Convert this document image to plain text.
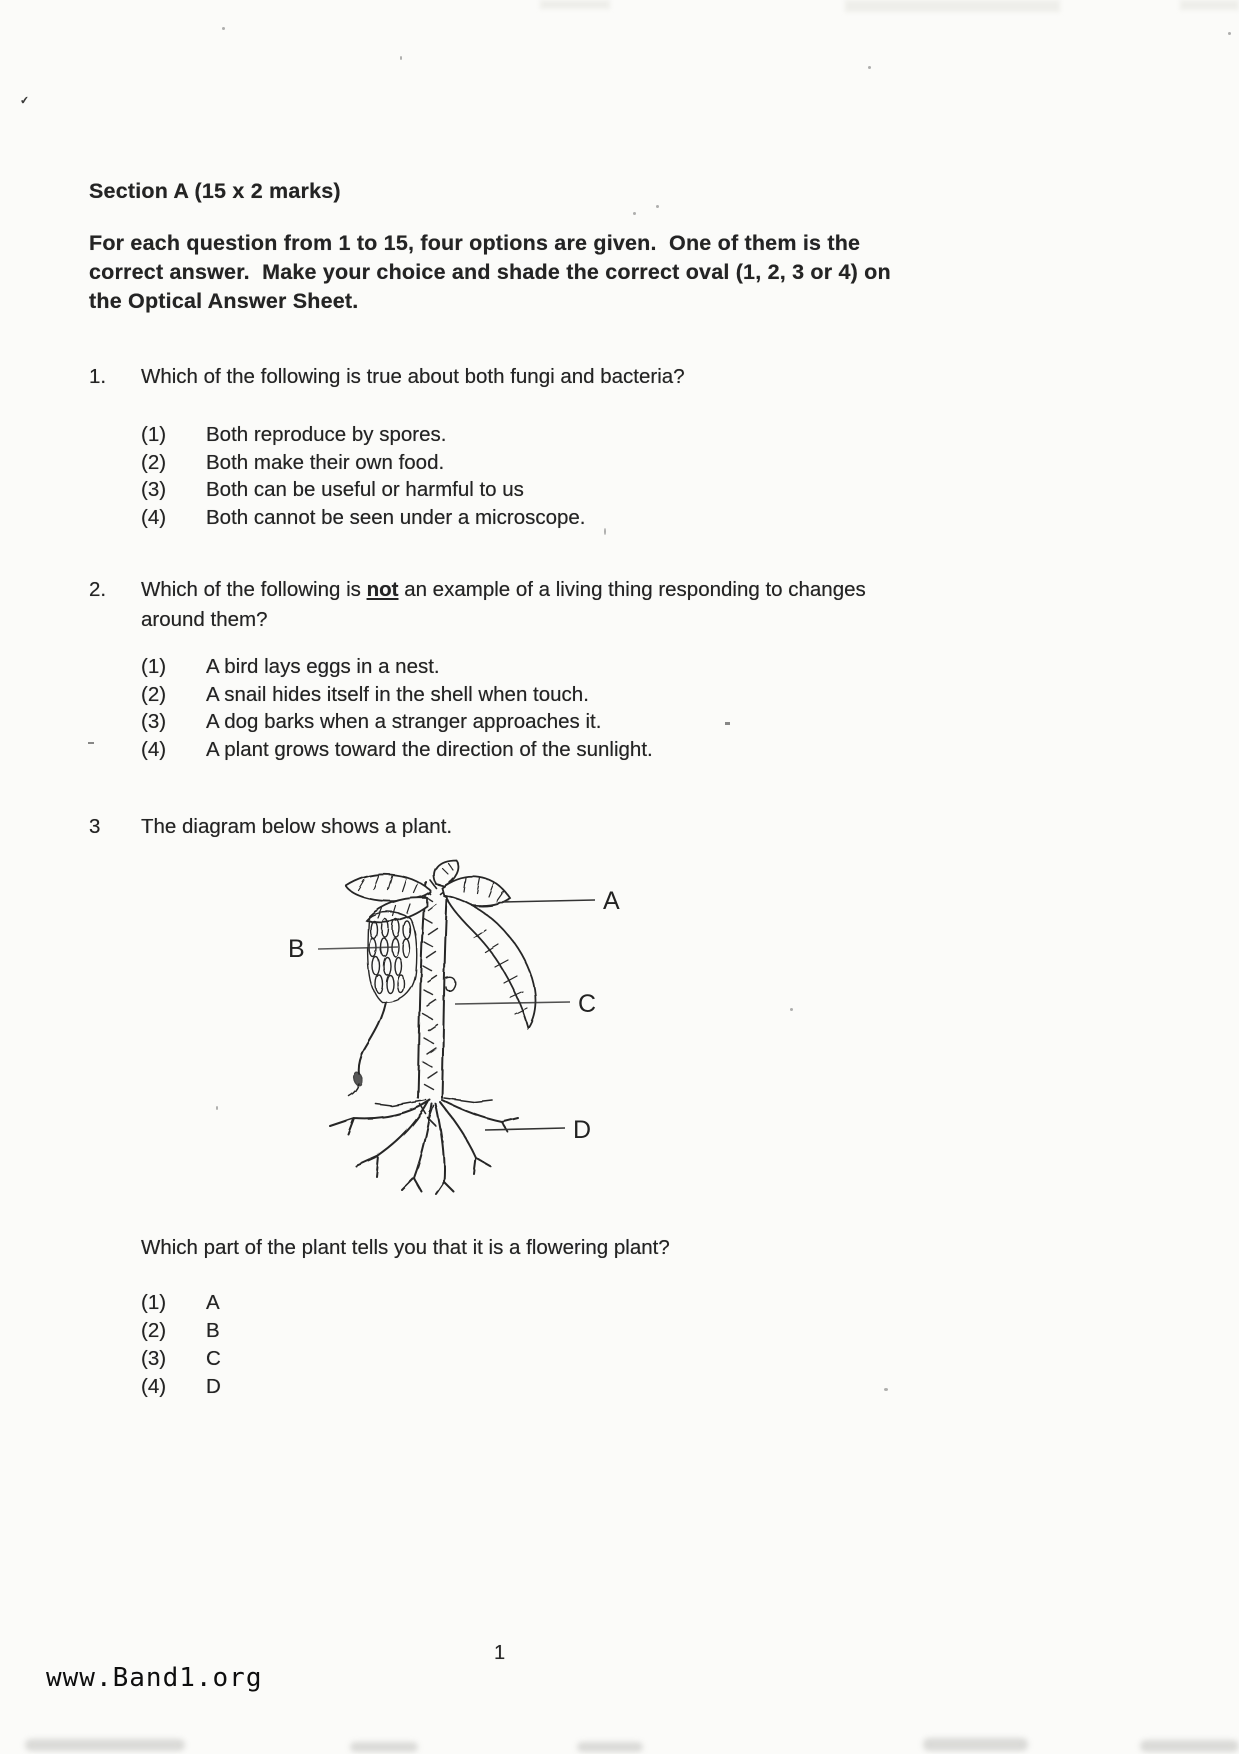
✔
Section A (15 x 2 marks)
For each question from 1 to 15, four options are given.  One of them is the
correct answer.  Make your choice and shade the correct oval (1, 2, 3 or 4) on
the Optical Answer Sheet.
1.	Which of the following is true about both fungi and bacteria?
(1)	Both reproduce by spores.
(2)	Both make their own food.
(3)	Both can be useful or harmful to us
(4)	Both cannot be seen under a microscope.
2.	Which of the following is not an example of a living thing responding to changes
around them?
(1)	A bird lays eggs in a nest.
(2)	A snail hides itself in the shell when touch.
(3)	A dog barks when a stranger approaches it.
(4)	A plant grows toward the direction of the sunlight.
3	The diagram below shows a plant.
A
B
C
D
Which part of the plant tells you that it is a flowering plant?
(1)	A
(2)	B
(3)	C
(4)	D
1
www.Band1.org
